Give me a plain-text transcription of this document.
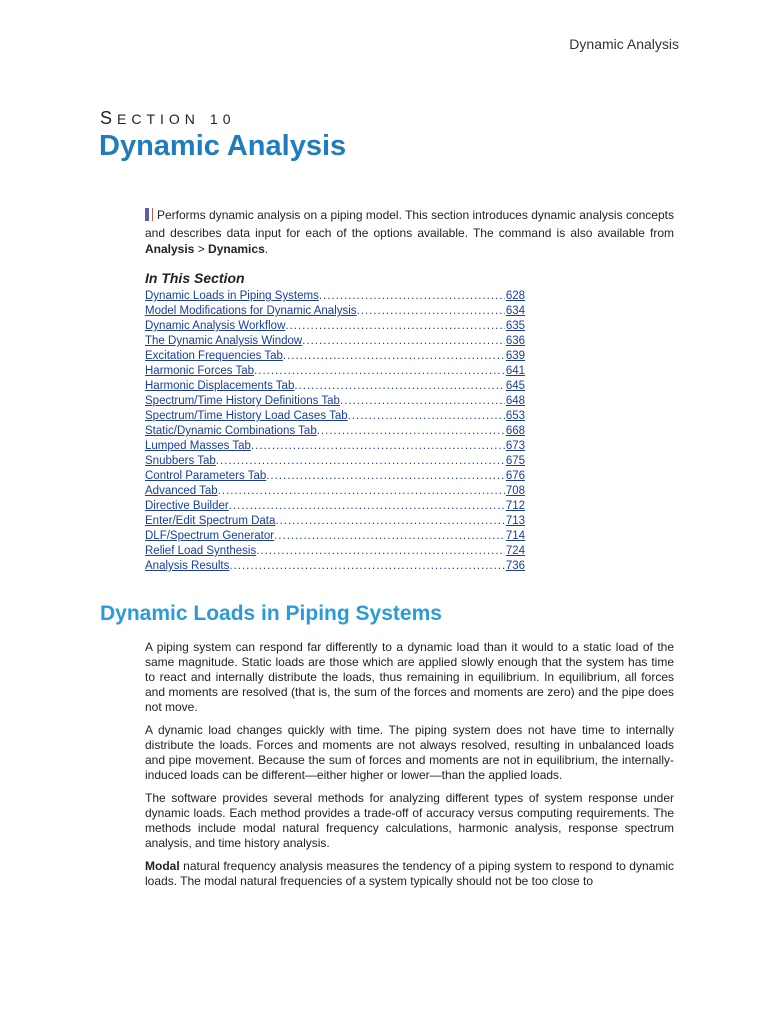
Dynamic Analysis
SECTION 10
Dynamic Analysis

Performs dynamic analysis on a piping model. This section introduces dynamic analysis concepts and describes data input for each of the options available. The command is also available from Analysis > Dynamics.

In This Section
Dynamic Loads in Piping Systems .....	628
Model Modifications for Dynamic Analysis .....	634
Dynamic Analysis Workflow .....	635
The Dynamic Analysis Window .....	636
Excitation Frequencies Tab .....	639
Harmonic Forces Tab .....	641
Harmonic Displacements Tab .....	645
Spectrum/Time History Definitions Tab .....	648
Spectrum/Time History Load Cases Tab .....	653
Static/Dynamic Combinations Tab .....	668
Lumped Masses Tab .....	673
Snubbers Tab .....	675
Control Parameters Tab .....	676
Advanced Tab .....	708
Directive Builder .....	712
Enter/Edit Spectrum Data .....	713
DLF/Spectrum Generator .....	714
Relief Load Synthesis .....	724
Analysis Results .....	736
Dynamic Loads in Piping Systems

A piping system can respond far differently to a dynamic load than it would to a static load of the same magnitude. Static loads are those which are applied slowly enough that the system has time to react and internally distribute the loads, thus remaining in equilibrium. In equilibrium, all forces and moments are resolved (that is, the sum of the forces and moments are zero) and the pipe does not move.

A dynamic load changes quickly with time. The piping system does not have time to internally distribute the loads. Forces and moments are not always resolved, resulting in unbalanced loads and pipe movement. Because the sum of forces and moments are not in equilibrium, the internally-induced loads can be different—either higher or lower—than the applied loads.

The software provides several methods for analyzing different types of system response under dynamic loads. Each method provides a trade-off of accuracy versus computing requirements. The methods include modal natural frequency calculations, harmonic analysis, response spectrum analysis, and time history analysis.

Modal natural frequency analysis measures the tendency of a piping system to respond to dynamic loads. The modal natural frequencies of a system typically should not be too close to
